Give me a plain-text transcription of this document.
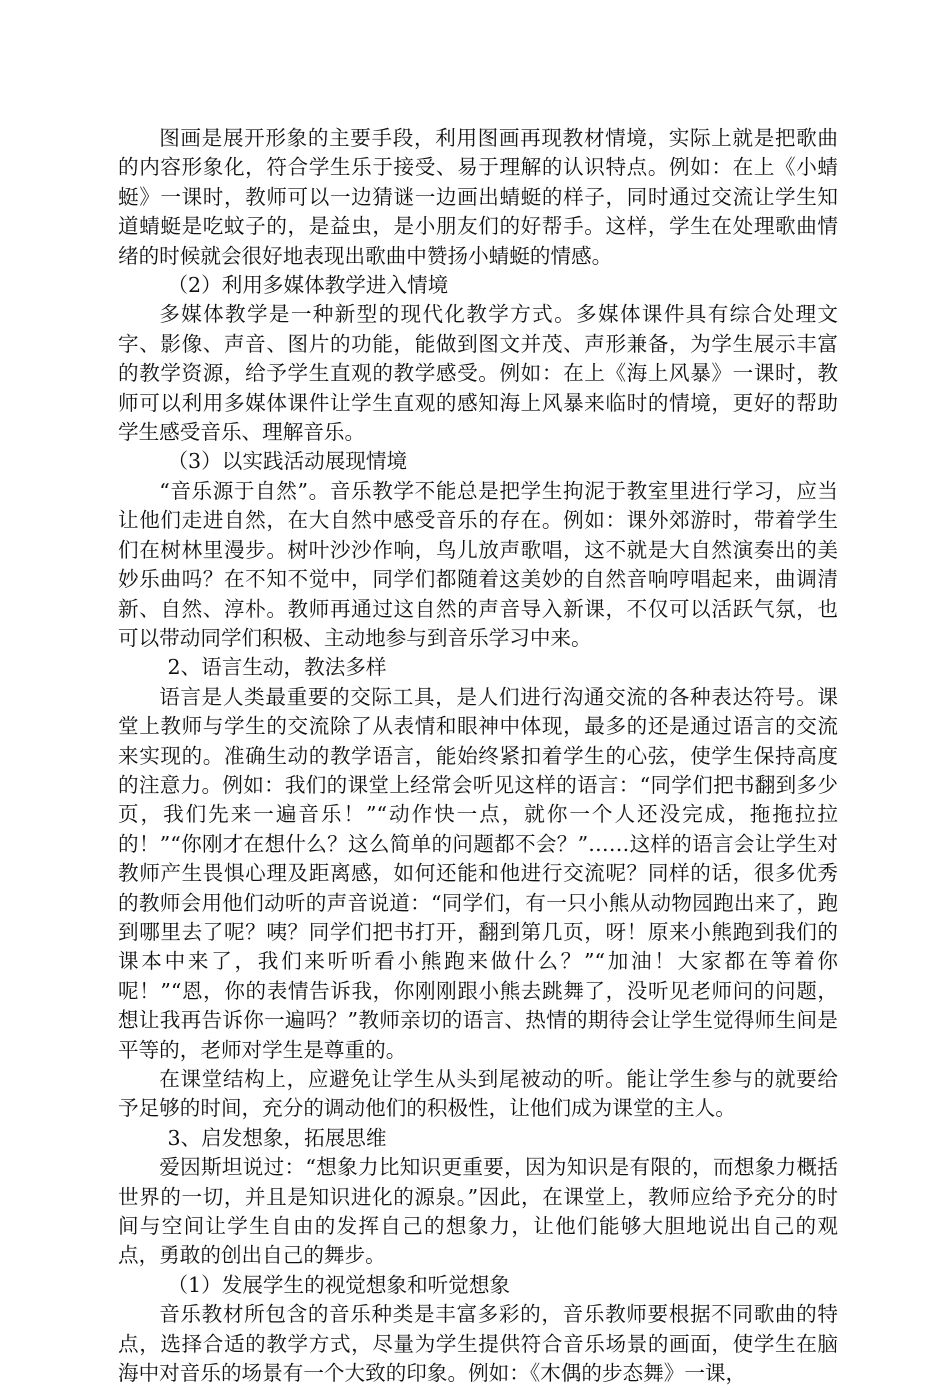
图画是展开形象的主要手段，利用图画再现教材情境，实际上就是把歌曲的内容形象化，符合学生乐于接受、易于理解的认识特点。例如：在上《小蜻蜓》一课时，教师可以一边猜谜一边画出蜻蜓的样子，同时通过交流让学生知道蜻蜓是吃蚊子的，是益虫，是小朋友们的好帮手。这样，学生在处理歌曲情绪的时候就会很好地表现出歌曲中赞扬小蜻蜓的情感。

（2）利用多媒体教学进入情境

多媒体教学是一种新型的现代化教学方式。多媒体课件具有综合处理文字、影像、声音、图片的功能，能做到图文并茂、声形兼备，为学生展示丰富的教学资源，给予学生直观的教学感受。例如：在上《海上风暴》一课时，教师可以利用多媒体课件让学生直观的感知海上风暴来临时的情境，更好的帮助学生感受音乐、理解音乐。

（3）以实践活动展现情境

“音乐源于自然”。音乐教学不能总是把学生拘泥于教室里进行学习，应当让他们走进自然，在大自然中感受音乐的存在。例如：课外郊游时，带着学生们在树林里漫步。树叶沙沙作响，鸟儿放声歌唱，这不就是大自然演奏出的美妙乐曲吗？在不知不觉中，同学们都随着这美妙的自然音响哼唱起来，曲调清新、自然、淳朴。教师再通过这自然的声音导入新课，不仅可以活跃气氛，也可以带动同学们积极、主动地参与到音乐学习中来。

2、语言生动，教法多样

语言是人类最重要的交际工具，是人们进行沟通交流的各种表达符号。课堂上教师与学生的交流除了从表情和眼神中体现，最多的还是通过语言的交流来实现的。准确生动的教学语言，能始终紧扣着学生的心弦，使学生保持高度的注意力。例如：我们的课堂上经常会听见这样的语言：“同学们把书翻到多少页，我们先来一遍音乐！”“动作快一点，就你一个人还没完成，拖拖拉拉的！”“你刚才在想什么？这么简单的问题都不会？”……这样的语言会让学生对教师产生畏惧心理及距离感，如何还能和他进行交流呢？同样的话，很多优秀的教师会用他们动听的声音说道：“同学们，有一只小熊从动物园跑出来了，跑到哪里去了呢？咦？同学们把书打开，翻到第几页，呀！原来小熊跑到我们的课本中来了，我们来听听看小熊跑来做什么？”“加油！大家都在等着你呢！”“恩，你的表情告诉我，你刚刚跟小熊去跳舞了，没听见老师问的问题，想让我再告诉你一遍吗？”教师亲切的语言、热情的期待会让学生觉得师生间是平等的，老师对学生是尊重的。

在课堂结构上，应避免让学生从头到尾被动的听。能让学生参与的就要给予足够的时间，充分的调动他们的积极性，让他们成为课堂的主人。

3、启发想象，拓展思维

爱因斯坦说过：“想象力比知识更重要，因为知识是有限的，而想象力概括世界的一切，并且是知识进化的源泉。”因此，在课堂上，教师应给予充分的时间与空间让学生自由的发挥自己的想象力，让他们能够大胆地说出自己的观点，勇敢的创出自己的舞步。

（1）发展学生的视觉想象和听觉想象

音乐教材所包含的音乐种类是丰富多彩的，音乐教师要根据不同歌曲的特点，选择合适的教学方式，尽量为学生提供符合音乐场景的画面，使学生在脑海中对音乐的场景有一个大致的印象。例如：《木偶的步态舞》一课，
